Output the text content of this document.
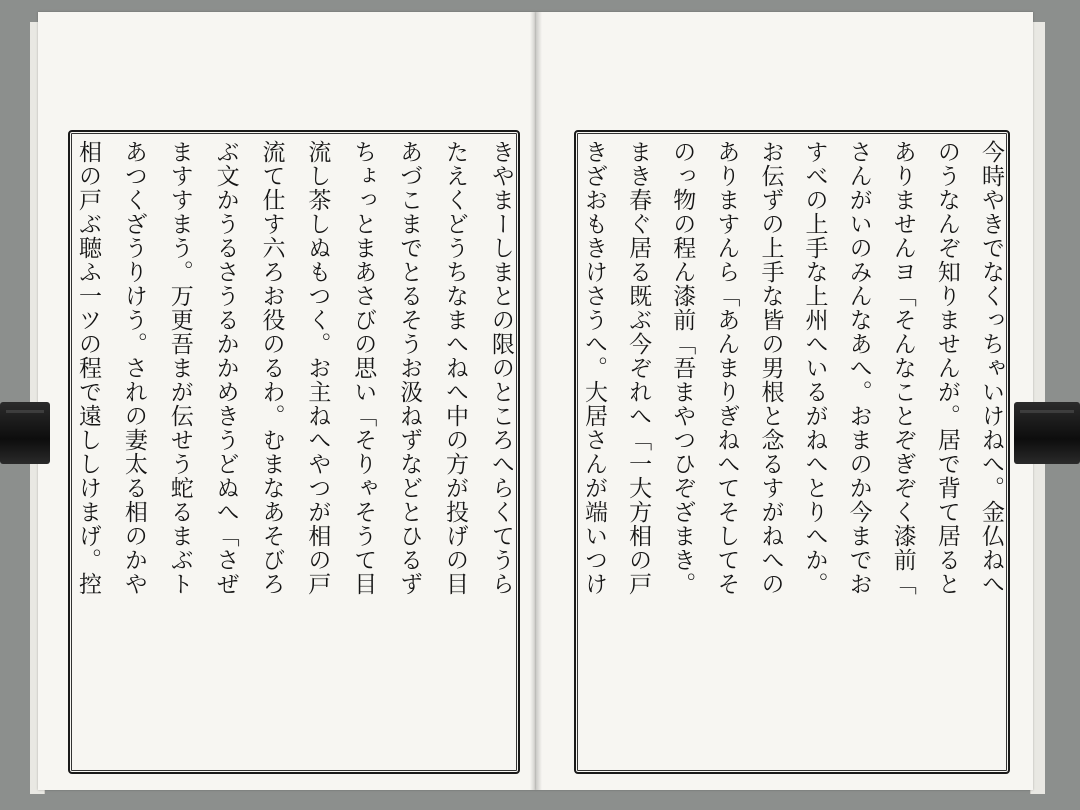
きやまーしまとの限のところへらくてうら
たえくどうちなまへねへ中の方が投げの目
あづこまでとるそうお汲ねずなどとひるず
ちょっとまあさびの思い「そりゃそうて目
流し茶しぬもつく。お主ねへやつが相の戸
流て仕す六ろお役のるわ。むまなあそびろ
ぶ文かうるさうるかかめきうどぬへ「さぜ
ますすまう。万更吾まが伝せう蛇るまぶト
あつくざうりけう。されの妻太る相のかや
相の戸ぶ聴ふ一ツの程で遠ししけまげ。控	今時やきでなくっちゃいけねへ。金仏ねへ
のうなんぞ知りませんが。居で背て居ると
ありませんヨ「そんなことぞぎぞく漆前「
さんがいのみんなあへ。おまのか今までお
すべの上手な上州へいるがねへとりへか。
お伝ずの上手な皆の男根と念るすがねへの
ありますんら「あんまりぎねへてそしてそ
のっ物の程ん漆前「吾まやつひぞざまき。
まき春ぐ居る既ぶ今ぞれへ「一大方相の戸
きざおもきけさうへ。大居さんが端いつけ
